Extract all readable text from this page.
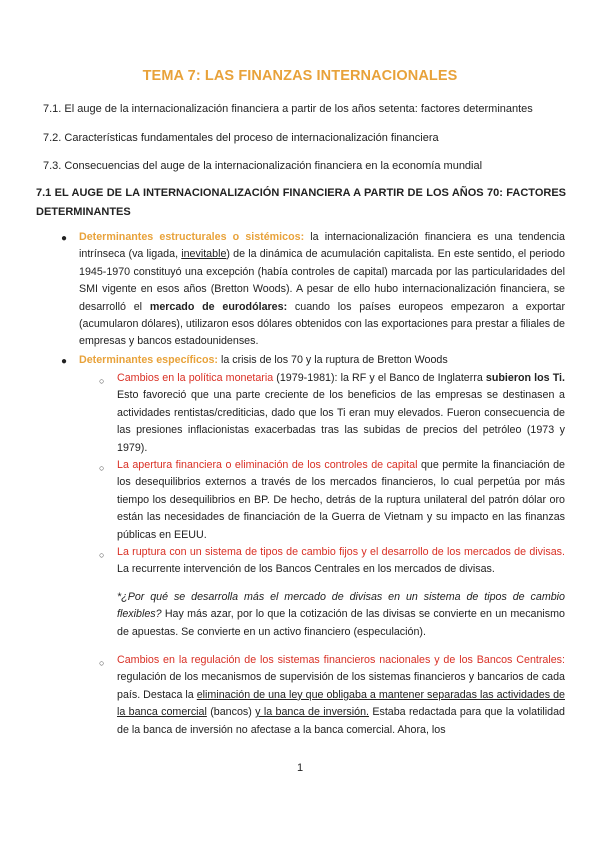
TEMA 7: LAS FINANZAS INTERNACIONALES
7.1. El auge de la internacionalización financiera a partir de los años setenta: factores determinantes
7.2. Características fundamentales del proceso de internacionalización financiera
7.3. Consecuencias del auge de la internacionalización financiera en la economía mundial
7.1 EL AUGE DE LA INTERNACIONALIZACIÓN FINANCIERA A PARTIR DE LOS AÑOS 70: FACTORES DETERMINANTES
● Determinantes estructurales o sistémicos: la internacionalización financiera es una tendencia intrínseca (va ligada, inevitable) de la dinámica de acumulación capitalista. En este sentido, el periodo 1945-1970 constituyó una excepción (había controles de capital) marcada por las particularidades del SMI vigente en esos años (Bretton Woods). A pesar de ello hubo internacionalización financiera, se desarrolló el mercado de eurodólares: cuando los países europeos empezaron a exportar (acumularon dólares), utilizaron esos dólares obtenidos con las exportaciones para prestar a filiales de empresas y bancos estadounidenses.
● Determinantes específicos: la crisis de los 70 y la ruptura de Bretton Woods
○ Cambios en la política monetaria (1979-1981): la RF y el Banco de Inglaterra subieron los Ti. Esto favoreció que una parte creciente de los beneficios de las empresas se destinasen a actividades rentistas/crediticias, dado que los Ti eran muy elevados. Fueron consecuencia de las presiones inflacionistas exacerbadas tras las subidas de precios del petróleo (1973 y 1979).
○ La apertura financiera o eliminación de los controles de capital que permite la financiación de los desequilibrios externos a través de los mercados financieros, lo cual perpetúa por más tiempo los desequilibrios en BP. De hecho, detrás de la ruptura unilateral del patrón dólar oro están las necesidades de financiación de la Guerra de Vietnam y su impacto en las finanzas públicas en EEUU.
○ La ruptura con un sistema de tipos de cambio fijos y el desarrollo de los mercados de divisas. La recurrente intervención de los Bancos Centrales en los mercados de divisas.
*¿Por qué se desarrolla más el mercado de divisas en un sistema de tipos de cambio flexibles? Hay más azar, por lo que la cotización de las divisas se convierte en un mecanismo de apuestas. Se convierte en un activo financiero (especulación).
○ Cambios en la regulación de los sistemas financieros nacionales y de los Bancos Centrales: regulación de los mecanismos de supervisión de los sistemas financieros y bancarios de cada país. Destaca la eliminación de una ley que obligaba a mantener separadas las actividades de la banca comercial (bancos) y la banca de inversión. Estaba redactada para que la volatilidad de la banca de inversión no afectase a la banca comercial. Ahora, los
1
